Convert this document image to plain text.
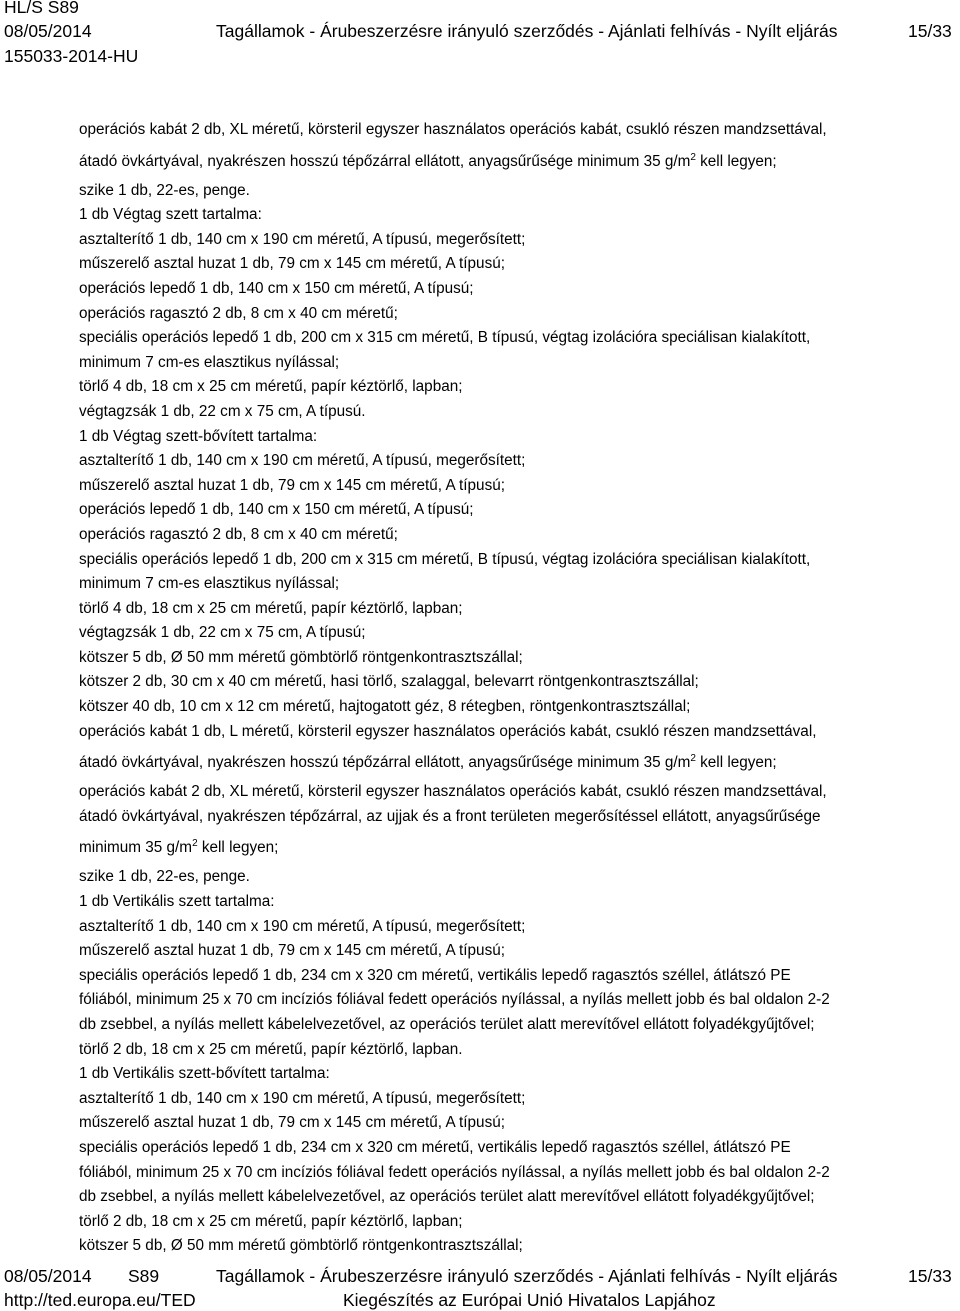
HL/S S89
08/05/2014	Tagállamok - Árubeszerzésre irányuló szerződés - Ajánlati felhívás - Nyílt eljárás	15/33
155033-2014-HU
operációs kabát 2 db, XL méretű, körsteril egyszer használatos operációs kabát, csukló részen mandzsettával,
átadó övkártyával, nyakrészen hosszú tépőzárral ellátott, anyagsűrűsége minimum 35 $g/m^2$ kell legyen;
szike 1 db, 22-es, penge.
1 db Végtag szett tartalma:
asztalterítő 1 db, 140 cm x 190 cm méretű, A típusú, megerősített;
műszerelő asztal huzat 1 db, 79 cm x 145 cm méretű, A típusú;
operációs lepedő 1 db, 140 cm x 150 cm méretű, A típusú;
operációs ragasztó 2 db, 8 cm x 40 cm méretű;
speciális operációs lepedő 1 db, 200 cm x 315 cm méretű, B típusú, végtag izolációra speciálisan kialakított,
minimum 7 cm-es elasztikus nyílással;
törlő 4 db, 18 cm x 25 cm méretű, papír kéztörlő, lapban;
végtagzsák 1 db, 22 cm x 75 cm, A típusú.
1 db Végtag szett-bővített tartalma:
asztalterítő 1 db, 140 cm x 190 cm méretű, A típusú, megerősített;
műszerelő asztal huzat 1 db, 79 cm x 145 cm méretű, A típusú;
operációs lepedő 1 db, 140 cm x 150 cm méretű, A típusú;
operációs ragasztó 2 db, 8 cm x 40 cm méretű;
speciális operációs lepedő 1 db, 200 cm x 315 cm méretű, B típusú, végtag izolációra speciálisan kialakított,
minimum 7 cm-es elasztikus nyílással;
törlő 4 db, 18 cm x 25 cm méretű, papír kéztörlő, lapban;
végtagzsák 1 db, 22 cm x 75 cm, A típusú;
kötszer 5 db, Ø 50 mm méretű gömbtörlő röntgenkontrasztszállal;
kötszer 2 db, 30 cm x 40 cm méretű, hasi törlő, szalaggal, belevarrt röntgenkontrasztszállal;
kötszer 40 db, 10 cm x 12 cm méretű, hajtogatott géz, 8 rétegben, röntgenkontrasztszállal;
operációs kabát 1 db, L méretű, körsteril egyszer használatos operációs kabát, csukló részen mandzsettával,
átadó övkártyával, nyakrészen hosszú tépőzárral ellátott, anyagsűrűsége minimum 35 $g/m^2$ kell legyen;
operációs kabát 2 db, XL méretű, körsteril egyszer használatos operációs kabát, csukló részen mandzsettával,
átadó övkártyával, nyakrészen tépőzárral, az ujjak és a front területen megerősítéssel ellátott, anyagsűrűsége
minimum 35 $g/m^2$ kell legyen;
szike 1 db, 22-es, penge.
1 db Vertikális szett tartalma:
asztalterítő 1 db, 140 cm x 190 cm méretű, A típusú, megerősített;
műszerelő asztal huzat 1 db, 79 cm x 145 cm méretű, A típusú;
speciális operációs lepedő 1 db, 234 cm x 320 cm méretű, vertikális lepedő ragasztós széllel, átlátszó PE
fóliából, minimum 25 x 70 cm incíziós fóliával fedett operációs nyílással, a nyílás mellett jobb és bal oldalon 2-2
db zsebbel, a nyílás mellett kábelelvezetővel, az operációs terület alatt merevítővel ellátott folyadékgyűjtővel;
törlő 2 db, 18 cm x 25 cm méretű, papír kéztörlő, lapban.
1 db Vertikális szett-bővített tartalma:
asztalterítő 1 db, 140 cm x 190 cm méretű, A típusú, megerősített;
műszerelő asztal huzat 1 db, 79 cm x 145 cm méretű, A típusú;
speciális operációs lepedő 1 db, 234 cm x 320 cm méretű, vertikális lepedő ragasztós széllel, átlátszó PE
fóliából, minimum 25 x 70 cm incíziós fóliával fedett operációs nyílással, a nyílás mellett jobb és bal oldalon 2-2
db zsebbel, a nyílás mellett kábelelvezetővel, az operációs terület alatt merevítővel ellátott folyadékgyűjtővel;
törlő 2 db, 18 cm x 25 cm méretű, papír kéztörlő, lapban;
kötszer 5 db, Ø 50 mm méretű gömbtörlő röntgenkontrasztszállal;
08/05/2014 S89	Tagállamok - Árubeszerzésre irányuló szerződés - Ajánlati felhívás - Nyílt eljárás	15/33
http://ted.europa.eu/TED	Kiegészítés az Európai Unió Hivatalos Lapjához
